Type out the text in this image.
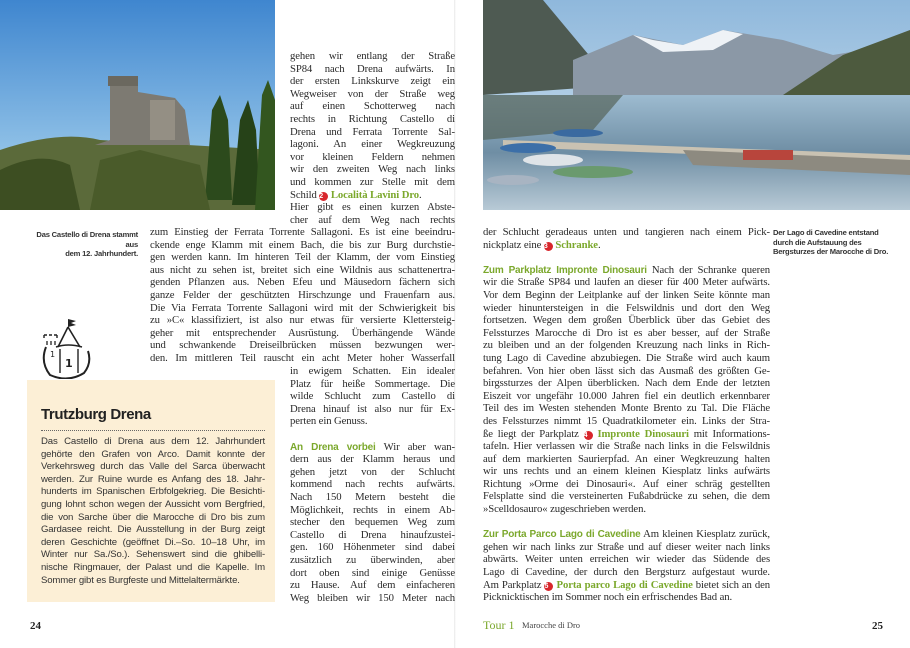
Das Castello di Drena stammt aus
dem 12. Jahrhundert.
gehen wir entlang der Straße
SP84 nach Drena aufwärts. In
der ersten Linkskurve zeigt ein
Wegweiser von der Straße weg
auf einen Schotterweg nach
rechts in Richtung Castello di
Drena und Ferrata Torrente Sal-
lagoni. An einer Wegkreuzung
vor kleinen Feldern nehmen
wir den zweiten Weg nach links
und kommen zur Stelle mit dem
Schild 2 Località Lavini Dro.
Hier gibt es einen kurzen Abste-
cher auf dem Weg nach rechts
zum Einstieg der Ferrata Torrente Sallagoni. Es ist eine beeindru-
ckende enge Klamm mit einem Bach, die bis zur Burg durchstie-
gen werden kann. Im hinteren Teil der Klamm, der vom Einstieg
aus nicht zu sehen ist, breitet sich eine Wildnis aus schattenertra-
genden Pflanzen aus. Neben Efeu und Mäusedorn fächern sich
ganze Felder der geschützten Hirschzunge und Frauenfarn aus.
Die Via Ferrata Torrente Sallagoni wird mit der Schwierigkeit bis
zu »C« klassifiziert, ist also nur etwas für versierte Klettersteig-
geher mit entsprechender Ausrüstung. Überhängende Wände
und schwankende Dreiseilbrücken müssen bezwungen wer-
den. Im mittleren Teil rauscht ein acht Meter hoher Wasserfall
in ewigem Schatten. Ein idealer
Platz für heiße Sommertage. Die
wilde Schlucht zum Castello di
Drena hinauf ist also nur für Ex-
perten ein Genuss.
An Drena vorbei Wir aber wan-
dern aus der Klamm heraus und
gehen jetzt von der Schlucht
kommend nach rechts aufwärts.
Nach 150 Metern besteht die
Möglichkeit, rechts in einem Ab-
stecher den bequemen Weg zum
Castello di Drena hinaufzustei-
gen. 160 Höhenmeter sind dabei
zusätzlich zu überwinden, aber
dort oben sind einige Genüsse
zu Hause. Auf dem einfacheren
Weg bleiben wir 150 Meter nach
1
1
Trutzburg Drena
Das Castello di Drena aus dem 12. Jahrhundert
gehörte den Grafen von Arco. Damit konnte der
Verkehrsweg durch das Valle del Sarca überwacht
werden. Zur Ruine wurde es Anfang des 18. Jahr-
hunderts im Spanischen Erbfolgekrieg. Die Besichti-
gung lohnt schon wegen der Aussicht vom Bergfried,
die von Sarche über die Marocche di Dro bis zum
Gardasee reicht. Die Ausstellung in der Burg zeigt
deren Geschichte (geöffnet Di.–So. 10–18 Uhr, im
Winter nur Sa./So.). Sehenswert sind die ghibelli-
nische Ringmauer, der Palast und die Kapelle. Im
Sommer gibt es Burgfeste und Mittelaltermärkte.
24
der Schlucht geradeaus unten und tangieren nach einem Pick-
nickplatz eine 3 Schranke.
Zum Parkplatz Impronte Dinosauri Nach der Schranke queren
wir die Straße SP84 und laufen an dieser für 400 Meter aufwärts.
Vor dem Beginn der Leitplanke auf der linken Seite könnte man
wieder hinuntersteigen in die Felswildnis und dort den Weg
fortsetzen. Wegen dem großen Überblick über das Gebiet des
Felssturzes Marocche di Dro ist es aber besser, auf der Straße
zu bleiben und an der folgenden Kreuzung nach links in Rich-
tung Lago di Cavedine abzubiegen. Die Straße wird auch kaum
befahren. Von hier oben lässt sich das Ausmaß des größten Ge-
birgssturzes der Alpen überblicken. Nach dem Ende der letzten
Eiszeit vor ungefähr 10.000 Jahren fiel ein deutlich erkennbarer
Teil des im Westen stehenden Monte Brento zu Tal. Die Fläche
des Felssturzes nimmt 15 Quadratkilometer ein. Links der Stra-
ße liegt der Parkplatz 4 Impronte Dinosauri mit Informations-
tafeln. Hier verlassen wir die Straße nach links in die Felswildnis
auf dem markierten Saurierpfad. An einer Wegkreuzung halten
wir uns rechts und an einem kleinen Kiesplatz links aufwärts
Richtung »Orme dei Dinosauri«. Auf einer schräg gestellten
Felsplatte sind die versteinerten Fußabdrücke zu sehen, die dem
»Scelldosauro« zugeschrieben werden.
Zur Porta Parco Lago di Cavedine Am kleinen Kiesplatz zurück,
gehen wir nach links zur Straße und auf dieser weiter nach links
abwärts. Weiter unten erreichen wir wieder das Südende des
Lago di Cavedine, der durch den Bergsturz aufgestaut wurde.
Am Parkplatz 5 Porta parco Lago di Cavedine bietet sich an den
Picknicktischen im Sommer noch ein erfrischendes Bad an.
Der Lago di Cavedine entstand
durch die Aufstauung des
Bergsturzes der Marocche di Dro.
Tour 1 Marocche di Dro	25
